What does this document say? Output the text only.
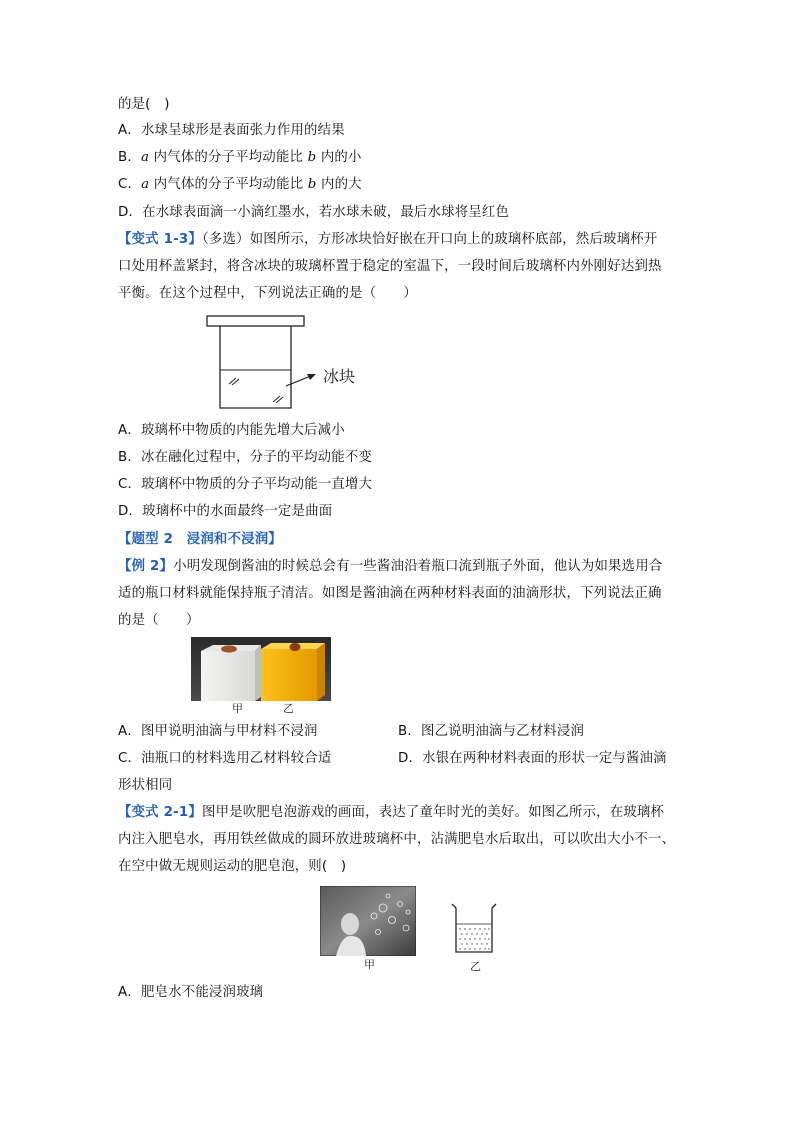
的是(　)
A．水球呈球形是表面张力作用的结果
B．a 内气体的分子平均动能比 b 内的小
C．a 内气体的分子平均动能比 b 内的大
D．在水球表面滴一小滴红墨水，若水球未破，最后水球将呈红色
【变式 1-3】（多选）如图所示，方形冰块恰好嵌在开口向上的玻璃杯底部，然后玻璃杯开
口处用杯盖紧封，将含冰块的玻璃杯置于稳定的室温下，一段时间后玻璃杯内外刚好达到热
平衡。在这个过程中，下列说法正确的是（　　）
冰块
A．玻璃杯中物质的内能先增大后减小
B．冰在融化过程中，分子的平均动能不变
C．玻璃杯中物质的分子平均动能一直增大
D．玻璃杯中的水面最终一定是曲面
【题型 2　浸润和不浸润】
【例 2】小明发现倒酱油的时候总会有一些酱油沿着瓶口流到瓶子外面，他认为如果选用合
适的瓶口材料就能保持瓶子清洁。如图是酱油滴在两种材料表面的油滴形状，下列说法正确
的是（　　）
甲	乙
A．图甲说明油滴与甲材料不浸润	B．图乙说明油滴与乙材料浸润
C．油瓶口的材料选用乙材料较合适	D．水银在两种材料表面的形状一定与酱油滴
形状相同
【变式 2-1】图甲是吹肥皂泡游戏的画面，表达了童年时光的美好。如图乙所示，在玻璃杯
内注入肥皂水，再用铁丝做成的圆环放进玻璃杯中，沾满肥皂水后取出，可以吹出大小不一、
在空中做无规则运动的肥皂泡，则(　)
甲	乙
A．肥皂水不能浸润玻璃
